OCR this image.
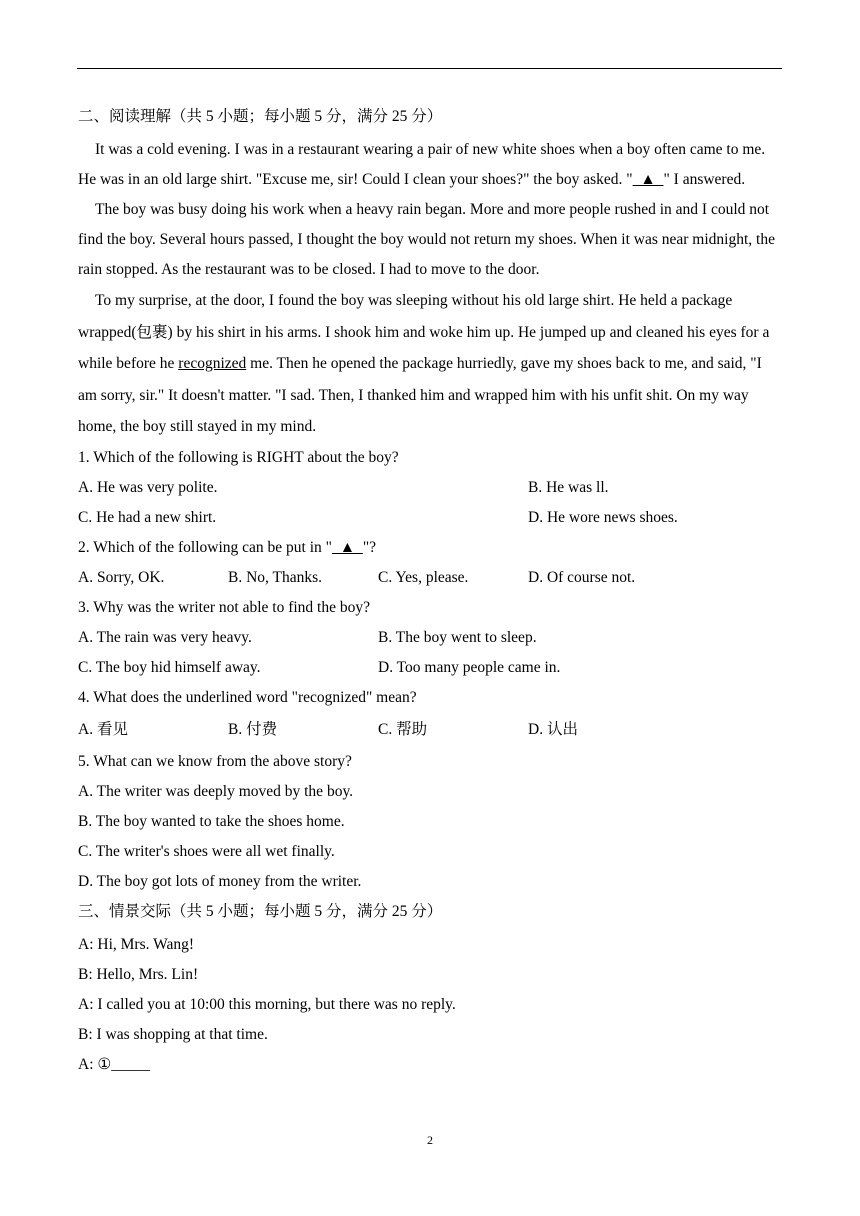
二、阅读理解（共 5 小题；每小题 5 分，满分 25 分）

It was a cold evening. I was in a restaurant wearing a pair of new white shoes when a boy often came to me. He was in an old large shirt. "Excuse me, sir! Could I clean your shoes?" the boy asked. "  ▲  " I answered.

The boy was busy doing his work when a heavy rain began. More and more people rushed in and I could not find the boy. Several hours passed, I thought the boy would not return my shoes. When it was near midnight, the rain stopped. As the restaurant was to be closed. I had to move to the door.

To my surprise, at the door, I found the boy was sleeping without his old large shirt. He held a package wrapped(包裹) by his shirt in his arms. I shook him and woke him up. He jumped up and cleaned his eyes for a while before he recognized me. Then he opened the package hurriedly, gave my shoes back to me, and said, "I am sorry, sir." It doesn't matter. "I sad. Then, I thanked him and wrapped him with his unfit shit. On my way home, the boy still stayed in my mind.

1. Which of the following is RIGHT about the boy?
A. He was very polite.	B. He was ll.
C. He had a new shirt.	D. He wore news shoes.
2. Which of the following can be put in "  ▲  "?
A. Sorry, OK.	B. No, Thanks.	C. Yes, please.	D. Of course not.
3. Why was the writer not able to find the boy?
A. The rain was very heavy.	B. The boy went to sleep.
C. The boy hid himself away.	D. Too many people came in.
4. What does the underlined word "recognized" mean?
A. 看见	B. 付费	C. 帮助	D. 认出
5. What can we know from the above story?
A. The writer was deeply moved by the boy.
B. The boy wanted to take the shoes home.
C. The writer's shoes were all wet finally.
D. The boy got lots of money from the writer.
三、情景交际（共 5 小题；每小题 5 分，满分 25 分）
A: Hi, Mrs. Wang!
B: Hello, Mrs. Lin!
A: I called you at 10:00 this morning, but there was no reply.
B: I was shopping at that time.
A: ①_____
2
